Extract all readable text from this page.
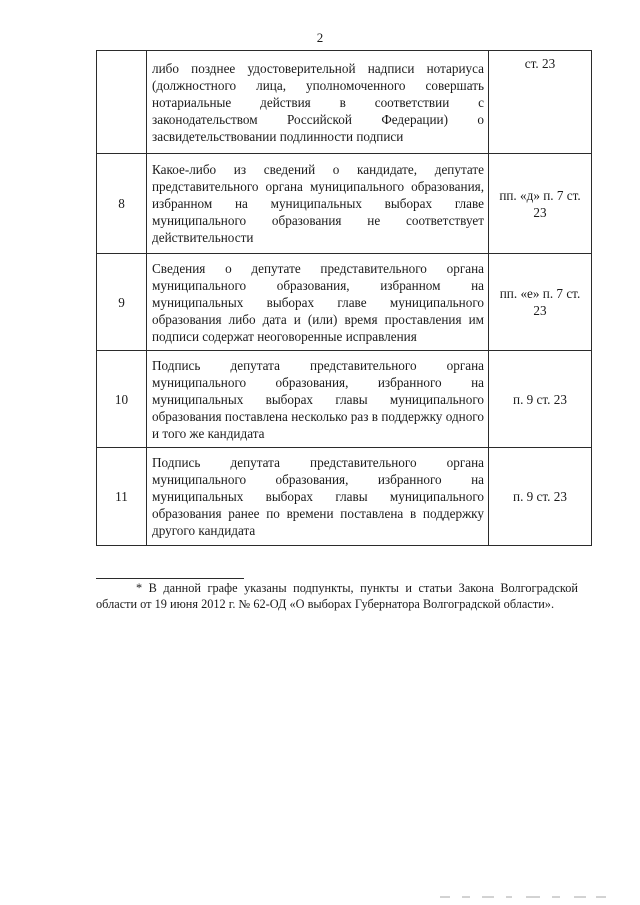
2
	либо позднее удостоверительной надписи нотариуса (должностного лица, уполномоченного совершать нотариальные действия в соответствии с законодательством Российской Федерации) о засвидетельствовании подлинности подписи	ст. 23
8	Какое-либо из сведений о кандидате, депутате представительного органа муниципального образования, избранном на муниципальных выборах главе муниципального образования не соответствует действительности	пп. «д» п. 7 ст. 23
9	Сведения о депутате представительного органа муниципального образования, избранном на муниципальных выборах главе муниципального образования либо дата и (или) время проставления им подписи содержат неоговоренные исправления	пп. «е» п. 7 ст. 23
10	Подпись депутата представительного органа муниципального образования, избранного на муниципальных выборах главы муниципального образования поставлена несколько раз в поддержку одного и того же кандидата	п. 9 ст. 23
11	Подпись депутата представительного органа муниципального образования, избранного на муниципальных выборах главы муниципального образования ранее по времени поставлена в поддержку другого кандидата	п. 9 ст. 23
* В данной графе указаны подпункты, пункты и статьи Закона Волгоградской области от 19 июня 2012 г. № 62-ОД «О выборах Губернатора Волгоградской области».
